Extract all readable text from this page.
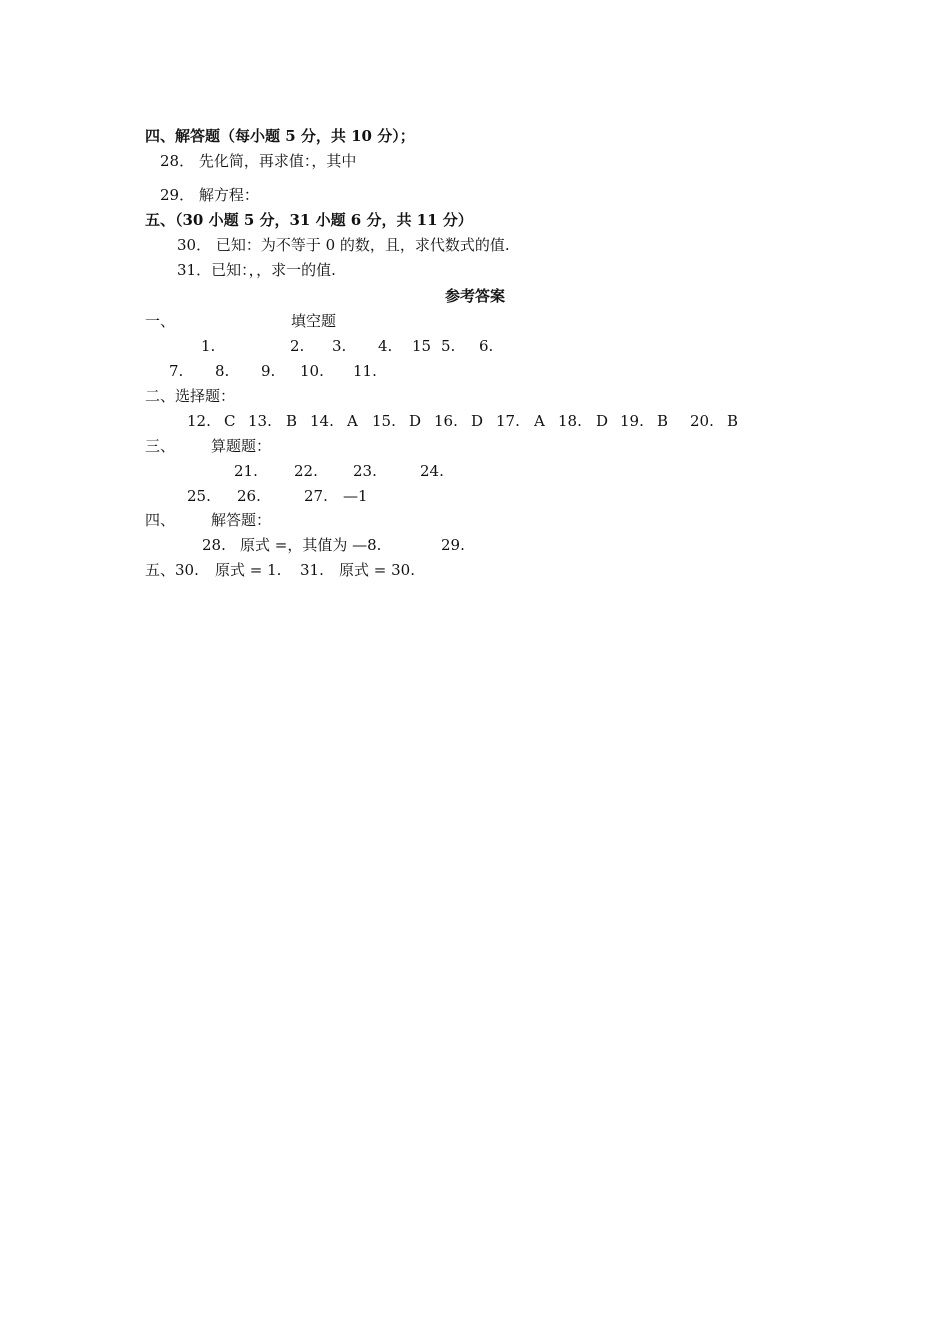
四、解答题（每小题 5 分，共 10 分）；
28． 先化简，再求值：，其中
29． 解方程：
五、（30 小题 5 分，31 小题 6 分，共 11 分）
30． 已知：为不等于 0 的数，且，求代数式的值.
31．已知：，，求一的值.
参考答案
一、	填空题
1.	2. 3. 4. 15 5. 6.
7. 8. 9. 10. 11.
二、选择题：
12. C 13. B 14. A 15. D 16. D 17. A 18. D 19. B 20. B
三、 算题题：
21. 22. 23.	24.
25. 26.	27. —1
四、 解答题：
28. 原式 =，其值为 —8.	29.
五、30. 原式 = 1. 31. 原式 = 30.
